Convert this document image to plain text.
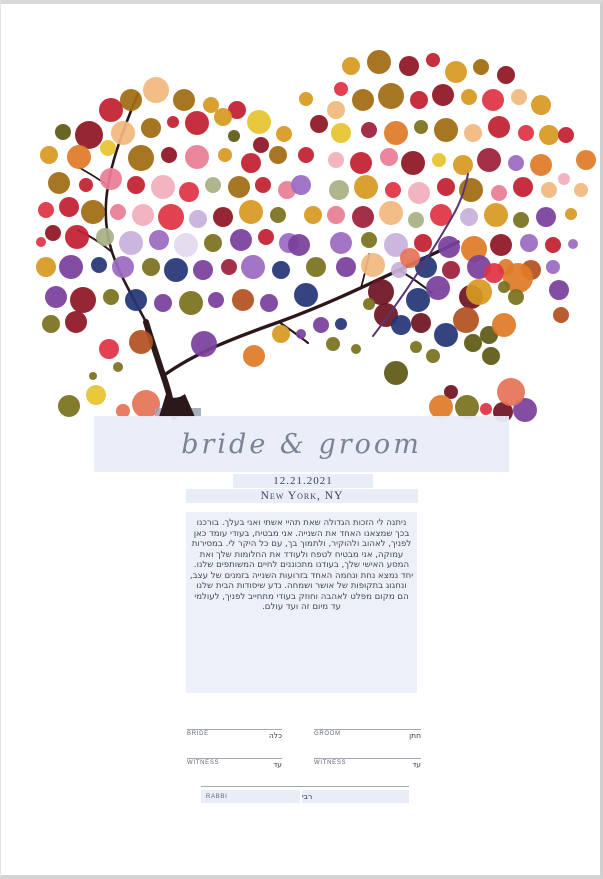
bride & groom
12.21.2021
New York, NY
ניתנה לי הזכות הגדולה שאת תהיי אשתי ואני בעלך. בורכנו
בכך שמצאנו האחד את השנייה. אני מבטיח, בעודי עומד כאן
לפניך, לאהוב ולהוקיר, ולתמוך בך, עם כל היקר לי. במסירות
עמוקה, אני מבטיח לטפח ולעודד את החלומות שלך ואת
המסע האישי שלך, בעודנו מתכוננים לחיים המשותפים שלנו.
יחד נמצא נחת ונחמה האחד בזרועות השנייה בזמנים של עצב,
ונחגוג בתקופות של אושר ושמחה. נדע שיסודות הבית שלנו
הם מקום מפלט לאהבה וחוזק בעודי מתחייב לפניך, לעולמי
עד מיום זה ועד עולם.
BRIDE	כלה	GROOM	חתן
WITNESS	עד	WITNESS	עד
RABBI	רבי
